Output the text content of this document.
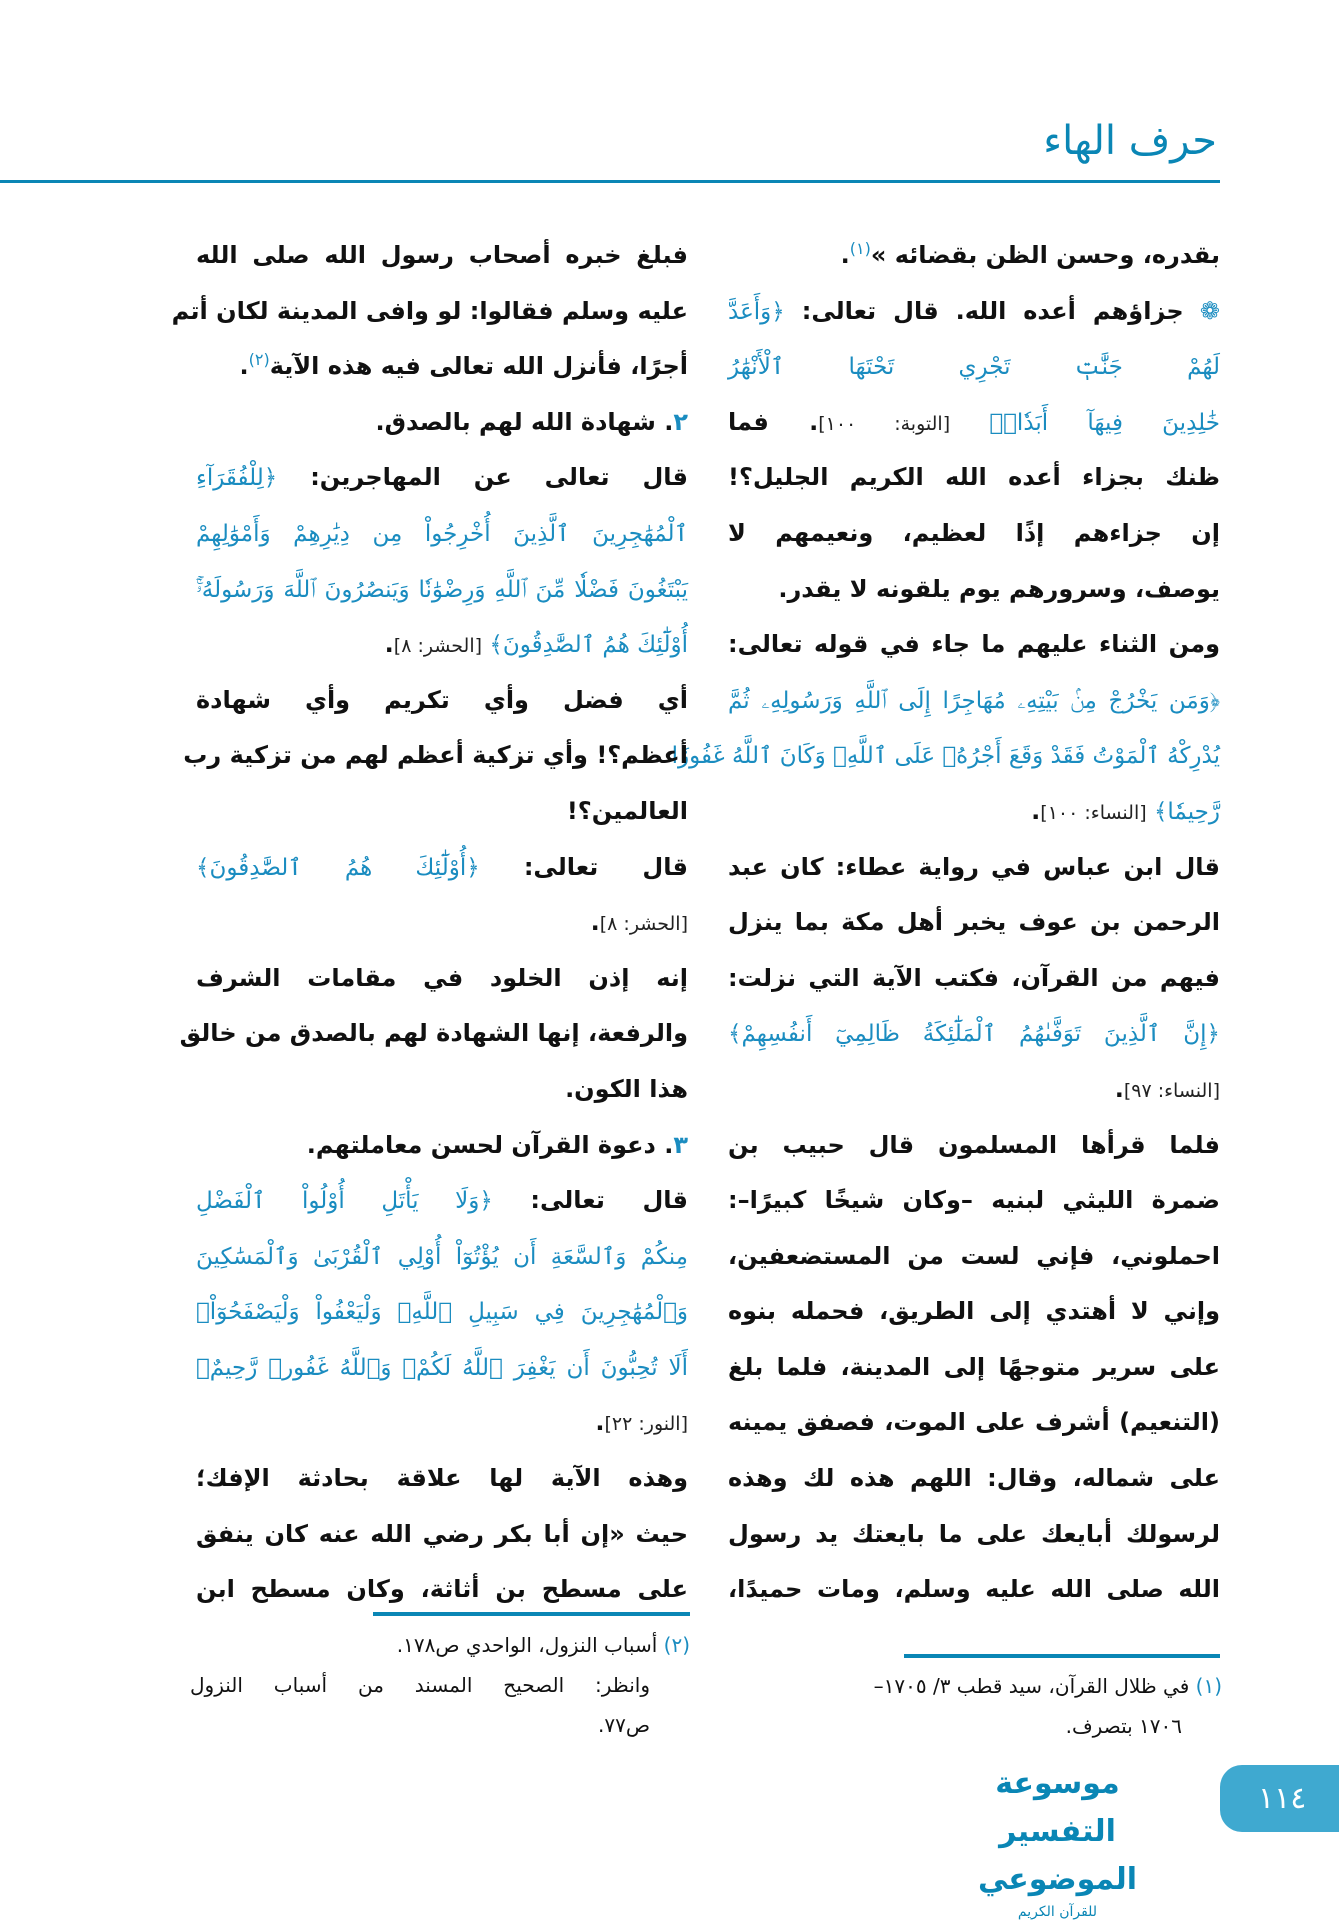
حرف الهاء
بقدره، وحسن الظن بقضائه »$^{(١)}$.
❁ جزاؤهم أعده الله. قال تعالى: ﴿وَأَعَدَّ
لَهُمْ جَنَّٰتٖ تَجْرِي تَحْتَهَا ٱلْأَنْهَٰرُ
خَٰلِدِينَ فِيهَآ أَبَدٗاۚ﴾ [التوبة: ١٠٠]. فما
ظنك بجزاء أعده الله الكريم الجليل؟!
إن جزاءهم إذًا لعظيم، ونعيمهم لا
يوصف، وسرورهم يوم يلقونه لا يقدر.
ومن الثناء عليهم ما جاء في قوله تعالى:
﴿وَمَن يَخْرُجْ مِنۢ بَيْتِهِۦ مُهَاجِرًا إِلَى ٱللَّهِ وَرَسُولِهِۦ ثُمَّ
يُدْرِكْهُ ٱلْمَوْتُ فَقَدْ وَقَعَ أَجْرُهُۥ عَلَى ٱللَّهِۗ وَكَانَ ٱللَّهُ غَفُورٗا
رَّحِيمٗا﴾ [النساء: ١٠٠].
قال ابن عباس في رواية عطاء: كان عبد
الرحمن بن عوف يخبر أهل مكة بما ينزل
فيهم من القرآن، فكتب الآية التي نزلت:
﴿إِنَّ ٱلَّذِينَ تَوَفَّىٰهُمُ ٱلْمَلَٰٓئِكَةُ ظَالِمِيٓ أَنفُسِهِمْ﴾
[النساء: ٩٧].
فلما قرأها المسلمون قال حبيب بن
ضمرة الليثي لبنيه –وكان شيخًا كبيرًا–:
احملوني، فإني لست من المستضعفين،
وإني لا أهتدي إلى الطريق، فحمله بنوه
على سرير متوجهًا إلى المدينة، فلما بلغ
(التنعيم) أشرف على الموت، فصفق يمينه
على شماله، وقال: اللهم هذه لك وهذه
لرسولك أبايعك على ما بايعتك يد رسول
الله صلى الله عليه وسلم، ومات حميدًا،
فبلغ خبره أصحاب رسول الله صلى الله
عليه وسلم فقالوا: لو وافى المدينة لكان أتم
أجرًا، فأنزل الله تعالى فيه هذه الآية$^{(٢)}$.
٢. شهادة الله لهم بالصدق.
قال تعالى عن المهاجرين: ﴿لِلْفُقَرَآءِ
ٱلْمُهَٰجِرِينَ ٱلَّذِينَ أُخْرِجُواْ مِن دِيَٰرِهِمْ وَأَمْوَٰلِهِمْ
يَبْتَغُونَ فَضْلٗا مِّنَ ٱللَّهِ وَرِضْوَٰنٗا وَيَنصُرُونَ ٱللَّهَ وَرَسُولَهُۥٓۚ
أُوْلَٰٓئِكَ هُمُ ٱلصَّٰدِقُونَ﴾ [الحشر: ٨].
أي فضل وأي تكريم وأي شهادة
أعظم؟! وأي تزكية أعظم لهم من تزكية رب
العالمين؟!
قال تعالى: ﴿أُوْلَٰٓئِكَ هُمُ ٱلصَّٰدِقُونَ﴾
[الحشر: ٨].
إنه إذن الخلود في مقامات الشرف
والرفعة، إنها الشهادة لهم بالصدق من خالق
هذا الكون.
٣. دعوة القرآن لحسن معاملتهم.
قال تعالى: ﴿وَلَا يَأْتَلِ أُوْلُواْ ٱلْفَضْلِ
مِنكُمْ وَٱلسَّعَةِ أَن يُؤْتُوٓاْ أُوْلِي ٱلْقُرْبَىٰ وَٱلْمَسَٰكِينَ
وَٱلْمُهَٰجِرِينَ فِي سَبِيلِ ٱللَّهِۖ وَلْيَعْفُواْ وَلْيَصْفَحُوٓاْۗ
أَلَا تُحِبُّونَ أَن يَغْفِرَ ٱللَّهُ لَكُمْۚ وَٱللَّهُ غَفُورٞ رَّحِيمٌ﴾
[النور: ٢٢].
وهذه الآية لها علاقة بحادثة الإفك؛
حيث «إن أبا بكر رضي الله عنه كان ينفق
على مسطح بن أثاثة، وكان مسطح ابن
(٢) أسباب النزول، الواحدي ص١٧٨.
وانظر: الصحيح المسند من أسباب النزول
ص٧٧.
(١) في ظلال القرآن، سيد قطب ٣/ ١٧٠٥–
١٧٠٦ بتصرف.
موسوعة التفسير الموضوعي
للقرآن الكريم
١١٤
